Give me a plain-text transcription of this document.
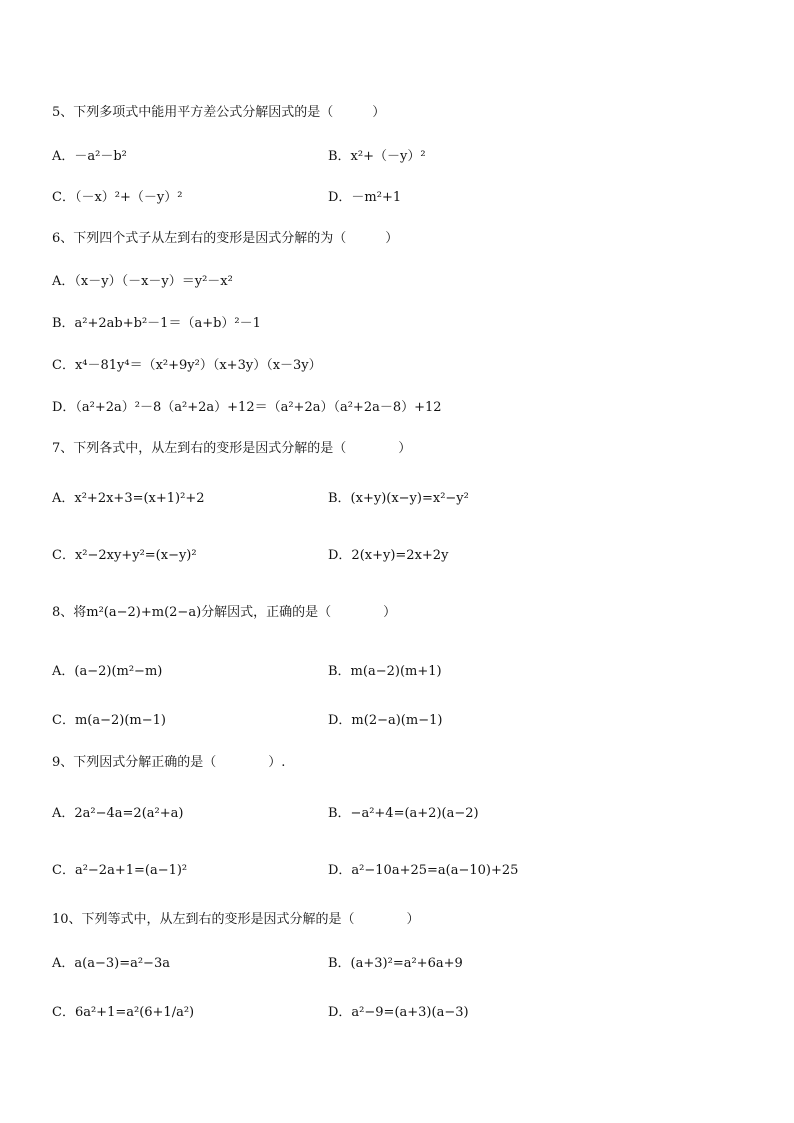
5、下列多项式中能用平方差公式分解因式的是（　　　）
A．－a²－b²	B．x²+（－y）²
C．（－x）²+（－y）²	D．－m²+1
6、下列四个式子从左到右的变形是因式分解的为（　　　）
A．（x－y）（－x－y）＝y²－x²
B．a²+2ab+b²－1＝（a+b）²－1
C．x⁴－81y⁴＝（x²+9y²）（x+3y）（x－3y）
D．（a²+2a）²－8（a²+2a）+12＝（a²+2a）（a²+2a－8）+12
7、下列各式中，从左到右的变形是因式分解的是（　　　　）
A．x²+2x+3=(x+1)²+2	B．(x+y)(x−y)=x²−y²
C．x²−2xy+y²=(x−y)²	D．2(x+y)=2x+2y
8、将m²(a−2)+m(2−a)分解因式，正确的是（　　　　）
A．(a−2)(m²−m)	B．m(a−2)(m+1)
C．m(a−2)(m−1)	D．m(2−a)(m−1)
9、下列因式分解正确的是（　　　　）.
A．2a²−4a=2(a²+a)	B．−a²+4=(a+2)(a−2)
C．a²−2a+1=(a−1)²	D．a²−10a+25=a(a−10)+25
10、下列等式中，从左到右的变形是因式分解的是（　　　　）
A．a(a−3)=a²−3a	B．(a+3)²=a²+6a+9
C．6a²+1=a²(6+1/a²)	D．a²−9=(a+3)(a−3)
